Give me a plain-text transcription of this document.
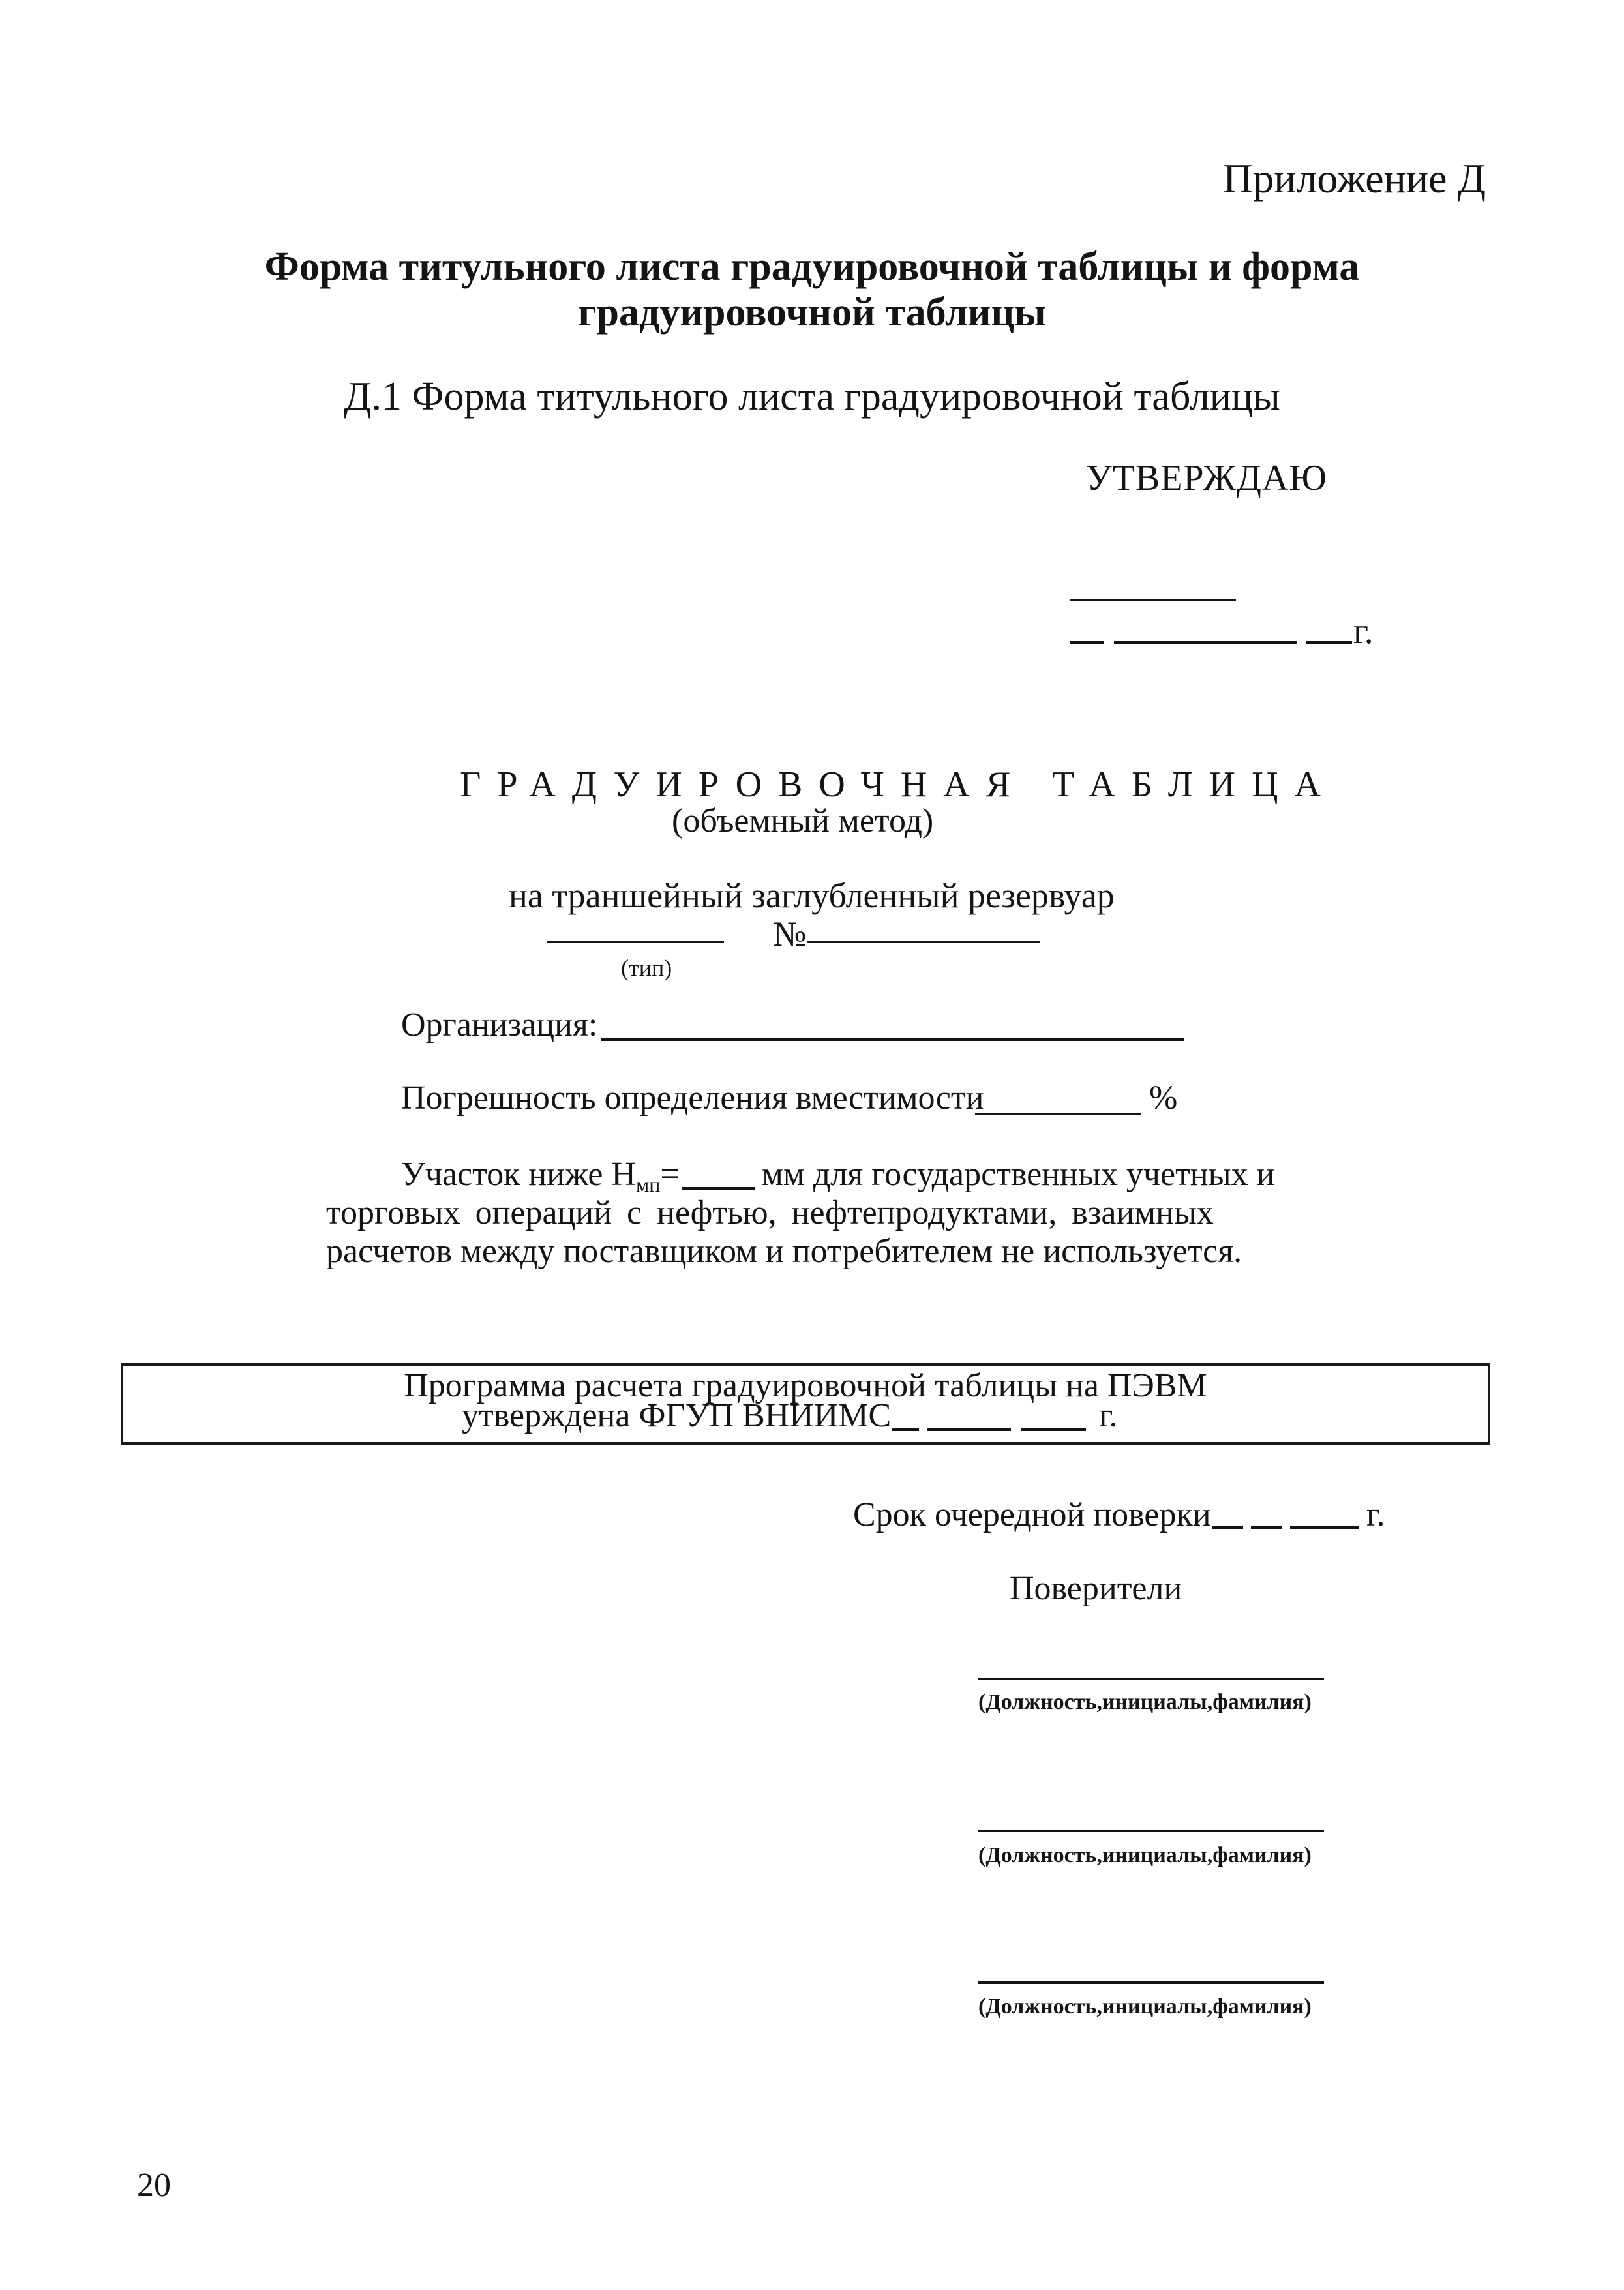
Приложение Д
Форма титульного листа градуировочной таблицы и форма
градуировочной таблицы
Д.1 Форма титульного листа градуировочной таблицы
УТВЕРЖДАЮ
г.
ГРАДУИРОВОЧНАЯ ТАБЛИЦА
(объемный метод)
на траншейный заглубленный резервуар
№
(тип)
Организация:
Погрешность определения вместимости	%
Участок ниже $Н_{мп}=$ мм для государственных учетных и
торговых операций с нефтью, нефтепродуктами, взаимных
расчетов между поставщиком и потребителем не используется.
Программа расчета градуировочной таблицы на ПЭВМ
утверждена ФГУП ВНИИМС	г.
Срок очередной поверки	г.
Поверители
(Должность,инициалы,фамилия)
(Должность,инициалы,фамилия)
(Должность,инициалы,фамилия)
20
